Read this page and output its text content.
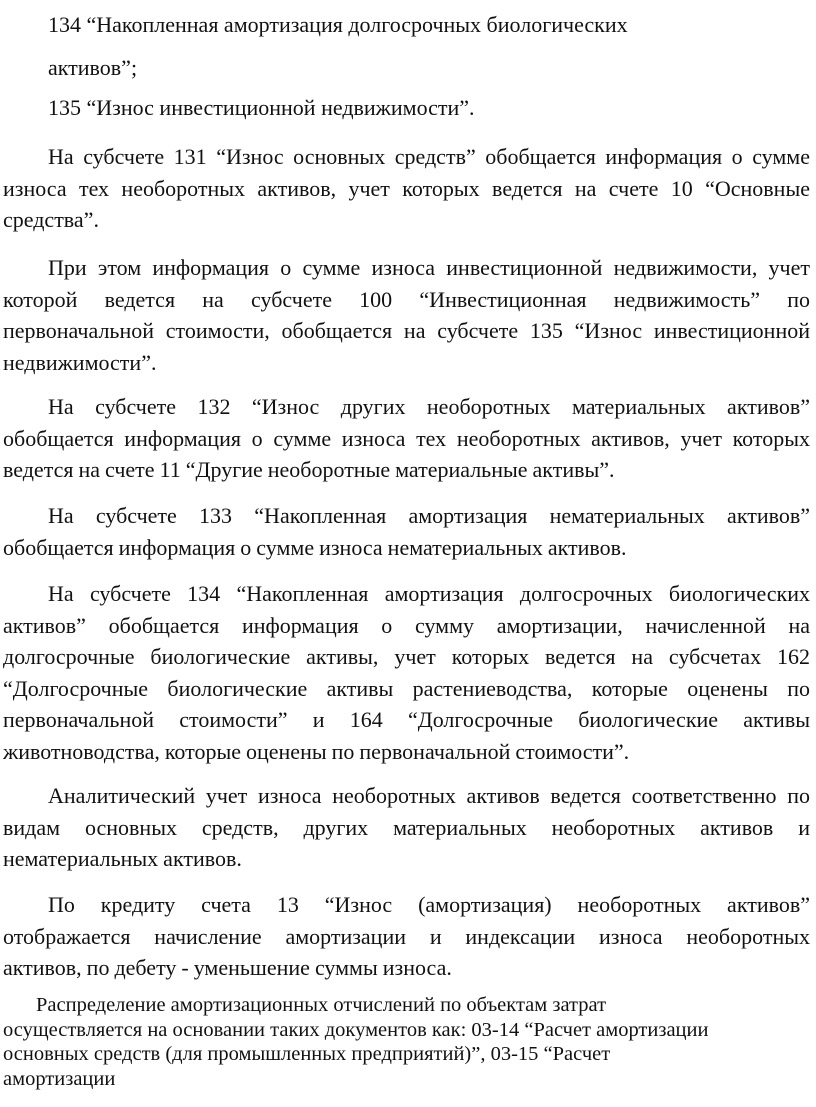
134 “Накопленная амортизация долгосрочных биологических

активов”;

135 “Износ инвестиционной недвижимости”.

На субсчете 131 “Износ основных средств” обобщается информация о сумме
износа тех необоротных активов, учет которых ведется на счете 10 “Основные
средства”.
При этом информация о сумме износа инвестиционной недвижимости, учет
которой ведется на субсчете 100 “Инвестиционная недвижимость” по
первоначальной стоимости, обобщается на субсчете 135 “Износ инвестиционной
недвижимости”.
На субсчете 132 “Износ других необоротных материальных активов”
обобщается информация о сумме износа тех необоротных активов, учет которых
ведется на счете 11 “Другие необоротные материальные активы”.
На субсчете 133 “Накопленная амортизация нематериальных активов”
обобщается информация о сумме износа нематериальных активов.
На субсчете 134 “Накопленная амортизация долгосрочных биологических
активов” обобщается информация о сумму амортизации, начисленной на
долгосрочные биологические активы, учет которых ведется на субсчетах 162
“Долгосрочные биологические активы растениеводства, которые оценены по
первоначальной стоимости” и 164 “Долгосрочные биологические активы
животноводства, которые оценены по первоначальной стоимости”.
Аналитический учет износа необоротных активов ведется соответственно по
видам основных средств, других материальных необоротных активов и
нематериальных активов.
По кредиту счета 13 “Износ (амортизация) необоротных активов”
отображается начисление амортизации и индексации износа необоротных
активов, по дебету - уменьшение суммы износа.
Распределение амортизационных отчислений по объектам затрат
осуществляется на основании таких документов как: 03-14 “Расчет амортизации
основных средств (для промышленных предприятий)”, 03-15 “Расчет
амортизации
